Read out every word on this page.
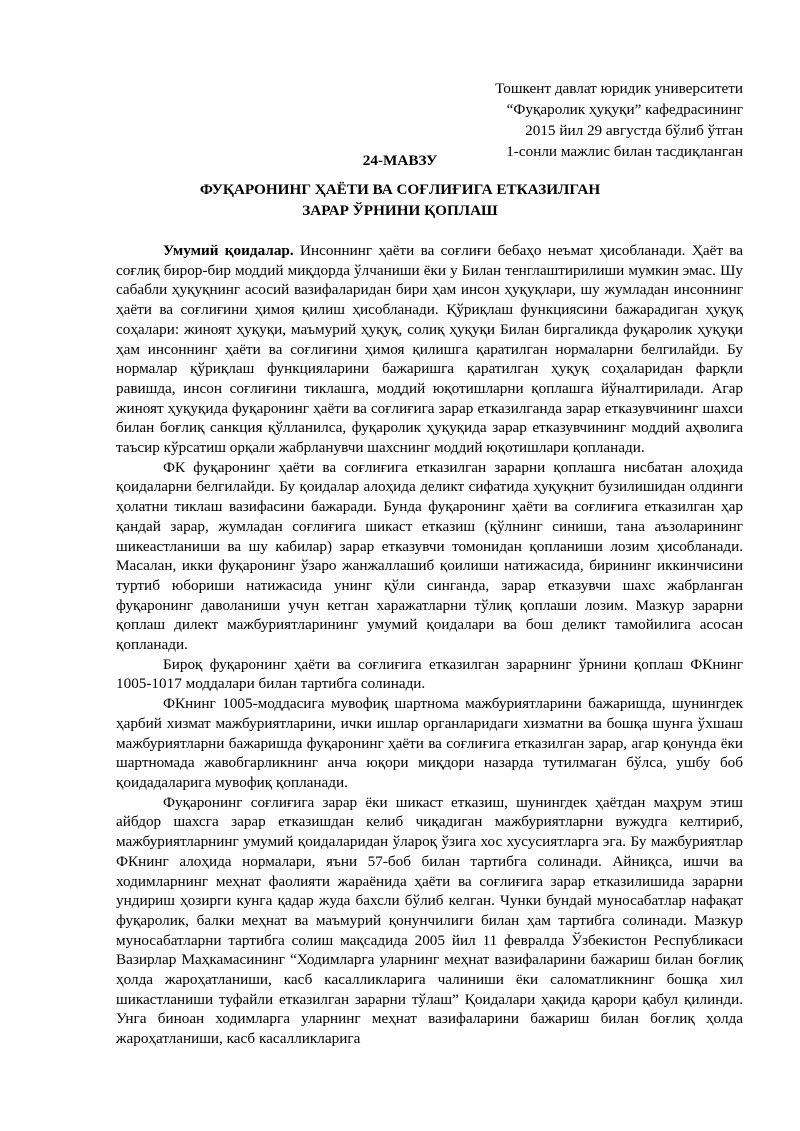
Тошкент давлат юридик университети
“Фуқаролик ҳуқуқи” кафедрасининг
2015 йил 29 августда бўлиб ўтган
1-сонли мажлис билан тасдиқланган
24-МАВЗУ
ФУҚАРОНИНГ ҲАЁТИ ВА СОҒЛИҒИГА ЕТКАЗИЛГАН
ЗАРАР ЎРНИНИ ҚОПЛАШ

Умумий қоидалар. Инсоннинг ҳаёти ва соғлиғи бебаҳо неъмат ҳисобланади. Ҳаёт ва соғлиқ бирор-бир моддий миқдорда ўлчаниши ёки у Билан тенглаштирилиши мумкин эмас. Шу сабабли ҳуқуқнинг асосий вазифаларидан бири ҳам инсон ҳуқуқлари, шу жумладан инсоннинг ҳаёти ва соғлиғини ҳимоя қилиш ҳисобланади. Қўриқлаш функциясини бажарадиган ҳуқуқ соҳалари: жиноят ҳуқуқи, маъмурий ҳуқуқ, солиқ ҳуқуқи Билан биргаликда фуқаролик ҳуқуқи ҳам инсоннинг ҳаёти ва соғлиғини ҳимоя қилишга қаратилган нормаларни белгилайди. Бу нормалар қўриқлаш функцияларини бажаришга қаратилган ҳуқуқ соҳаларидан фарқли равишда, инсон соғлиғини тиклашга, моддий юқотишларни қоплашга йўналтирилади. Агар жиноят ҳуқуқида фуқаронинг ҳаёти ва соғлиғига зарар етказилганда зарар етказувчининг шахси билан боғлиқ санкция қўлланилса, фуқаролик ҳуқуқида зарар етказувчининг моддий аҳволига таъсир кўрсатиш орқали жабрланувчи шахснинг моддий юқотишлари қопланади.

ФК фуқаронинг ҳаёти ва соғлиғига етказилган зарарни қоплашга нисбатан алоҳида қоидаларни белгилайди. Бу қоидалар алоҳида деликт сифатида ҳуқуқнит бузилишидан олдинги ҳолатни тиклаш вазифасини бажаради. Бунда фуқаронинг ҳаёти ва соғлиғига етказилган ҳар қандай зарар, жумладан соғлиғига шикаст етказиш (қўлнинг синиши, тана аъзоларининг шикеастланиши ва шу кабилар) зарар етказувчи томонидан қопланиши лозим ҳисобланади. Масалан, икки фуқаронинг ўзаро жанжаллашиб қоилиши натижасида, бирининг иккинчисини туртиб юбориши натижасида унинг қўли синганда, зарар етказувчи шахс жабрланган фуқаронинг даволаниши учун кетган харажатларни тўлиқ қоплаши лозим. Мазкур зарарни қоплаш дилект мажбуриятларининг умумий қоидалари ва бош деликт тамойилига асосан қопланади.

Бироқ фуқаронинг ҳаёти ва соғлиғига етказилган зарарнинг ўрнини қоплаш ФКнинг 1005-1017 моддалари билан тартибга солинади.

ФКнинг 1005-моддасига мувофиқ шартнома мажбуриятларини бажаришда, шунингдек ҳарбий хизмат мажбуриятларини, ички ишлар органларидаги хизматни ва бошқа шунга ўхшаш мажбуриятларни бажаришда фуқаронинг ҳаёти ва соғлиғига етказилган зарар, агар қонунда ёки шартномада жавобгарликнинг анча юқори миқдори назарда тутилмаган бўлса, ушбу боб қоидадаларига мувофиқ қопланади.

Фуқаронинг соғлиғига зарар ёки шикаст етказиш, шунингдек ҳаётдан маҳрум этиш айбдор шахсга зарар етказишдан келиб чиқадиган мажбуриятларни вужудга келтириб, мажбуриятларнинг умумий қоидаларидан ўлароқ ўзига хос хусусиятларга эга. Бу мажбуриятлар ФКнинг алоҳида нормалари, яъни 57-боб билан тартибга солинади. Айниқса, ишчи ва ходимларнинг меҳнат фаолияти жараёнида ҳаёти ва соғлиғига зарар етказилишида зарарни ундириш ҳозирги кунга қадар жуда бахсли бўлиб келган. Чунки бундай муносабатлар нафақат фуқаролик, балки меҳнат ва маъмурий қонунчилиги билан ҳам тартибга солинади. Мазкур муносабатларни тартибга солиш мақсадида 2005 йил 11 февралда Ўзбекистон Республикаси Вазирлар Маҳкамасининг “Ходимларга уларнинг меҳнат вазифаларини бажариш билан боғлиқ ҳолда жароҳатланиши, касб касалликларига чалиниши ёки саломатликнинг бошқа хил шикастланиши туфайли етказилган зарарни тўлаш” Қоидалари ҳақида қарори қабул қилинди. Унга биноан ходимларга уларнинг меҳнат вазифаларини бажариш билан боғлиқ ҳолда жароҳатланиши, касб касалликларига
